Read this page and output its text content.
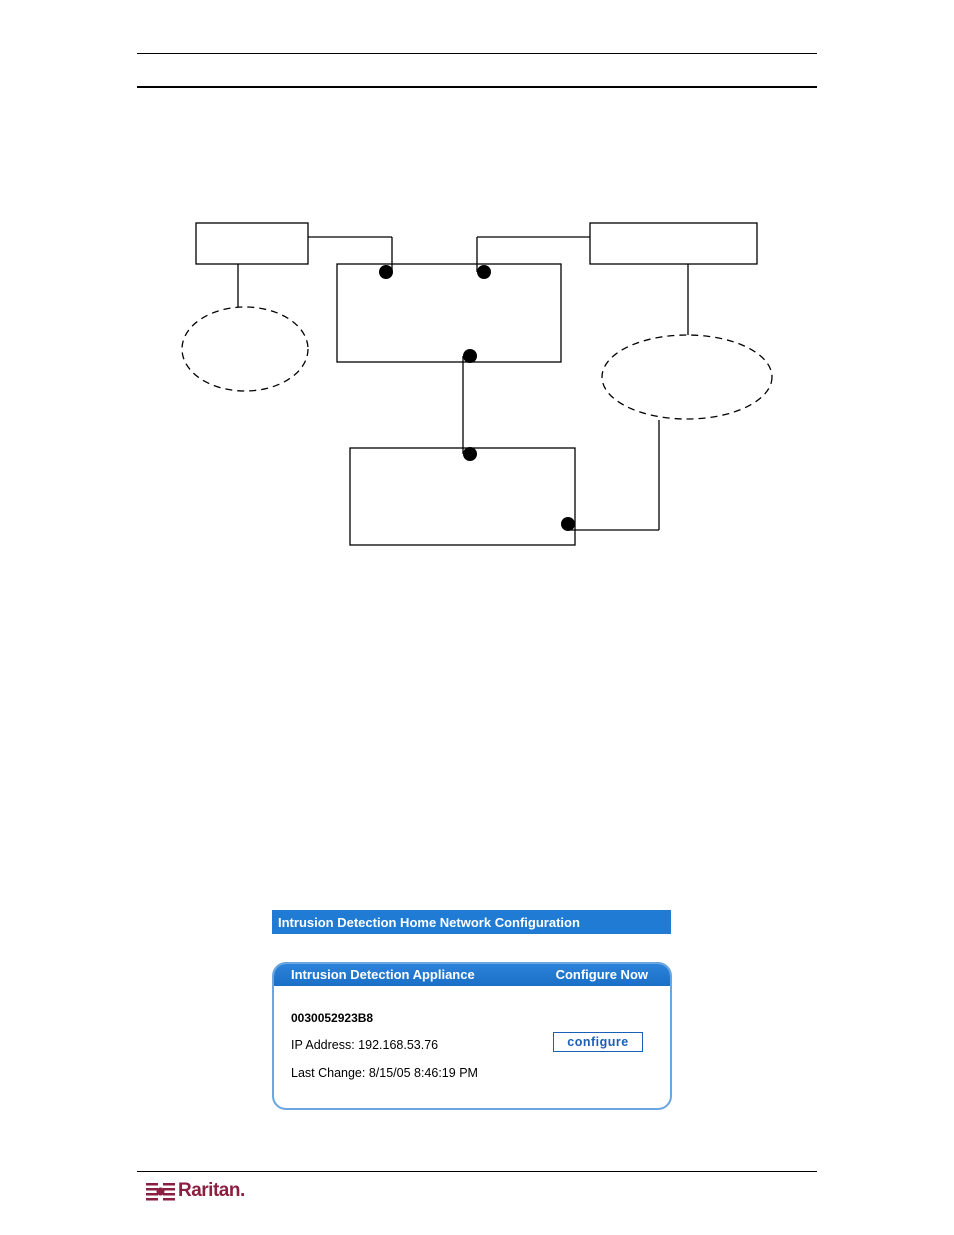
Intrusion Detection Home Network Configuration
Intrusion Detection Appliance	Configure Now
0030052923B8
IP Address: 192.168.53.76
Last Change: 8/15/05 8:46:19 PM
configure
Raritan.
